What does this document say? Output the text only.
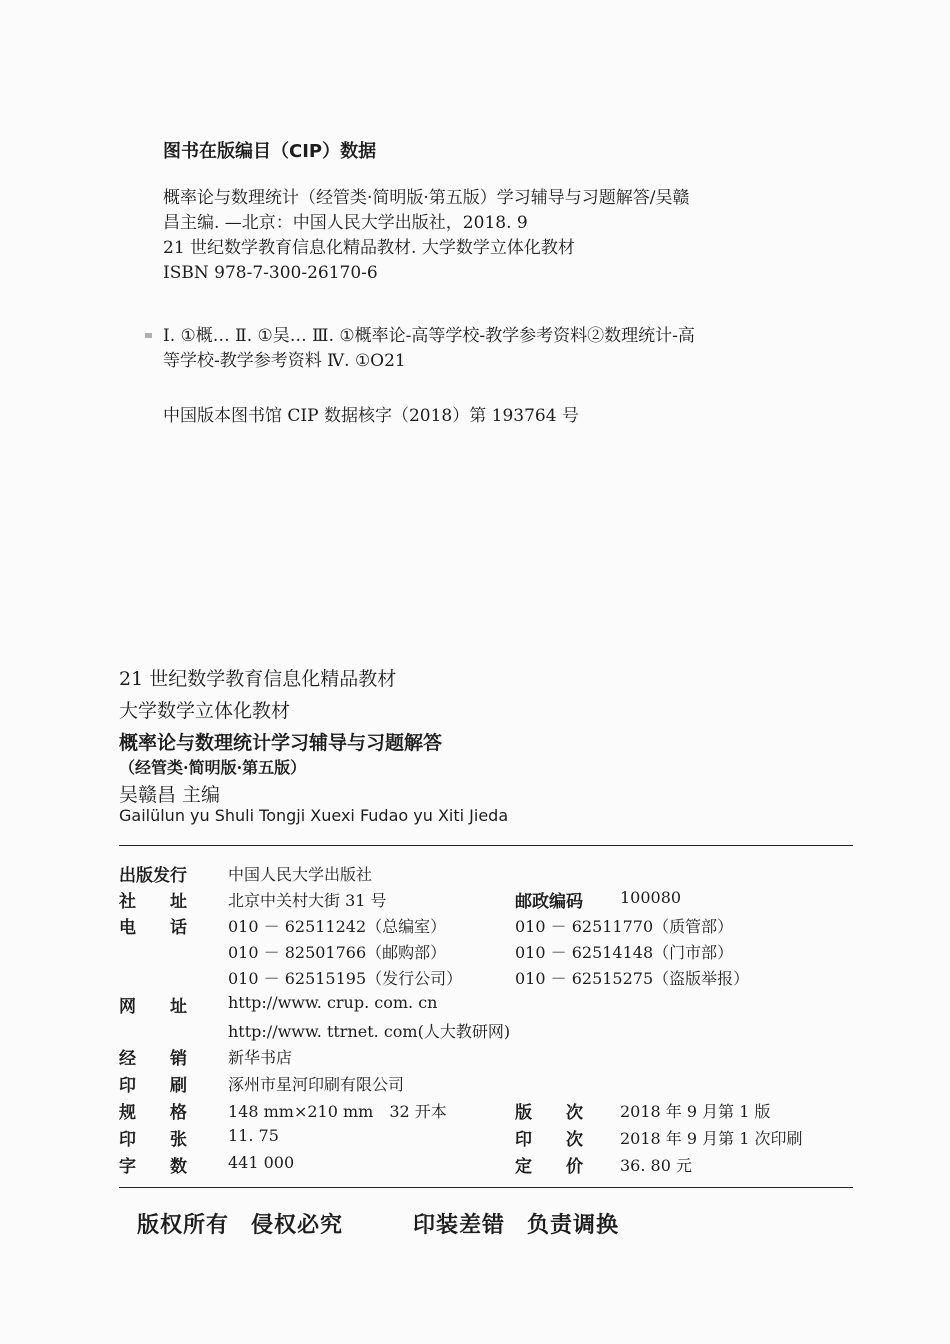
图书在版编目（CIP）数据
概率论与数理统计（经管类·简明版·第五版）学习辅导与习题解答/吴赣
昌主编. —北京：中国人民大学出版社，2018. 9
21 世纪数学教育信息化精品教材. 大学数学立体化教材
ISBN 978-7-300-26170-6
Ⅰ. ①概… Ⅱ. ①吴… Ⅲ. ①概率论-高等学校-教学参考资料②数理统计-高
等学校-教学参考资料 Ⅳ. ①O21
中国版本图书馆 CIP 数据核字（2018）第 193764 号
21 世纪数学教育信息化精品教材
大学数学立体化教材
概率论与数理统计学习辅导与习题解答
（经管类·简明版·第五版）
吴赣昌 主编
Gailülun yu Shuli Tongji Xuexi Fudao yu Xiti Jieda
出版发行	中国人民大学出版社
社　　址	北京中关村大街 31 号	邮政编码 100080
电　　话	010 － 62511242（总编室）	010 － 62511770（质管部）
010 － 82501766（邮购部）	010 － 62514148（门市部）
010 － 62515195（发行公司）	010 － 62515275（盗版举报）
网　　址	http://www. crup. com. cn
http://www. ttrnet. com(人大教研网)
经　　销	新华书店
印　　刷	涿州市星河印刷有限公司
规　　格	148 mm×210 mm　32 开本	版　　次 2018 年 9 月第 1 版
印　　张	11. 75	印　　次 2018 年 9 月第 1 次印刷
字　　数	441 000	定　　价 36. 80 元
版权所有 侵权必究	印装差错 负责调换
